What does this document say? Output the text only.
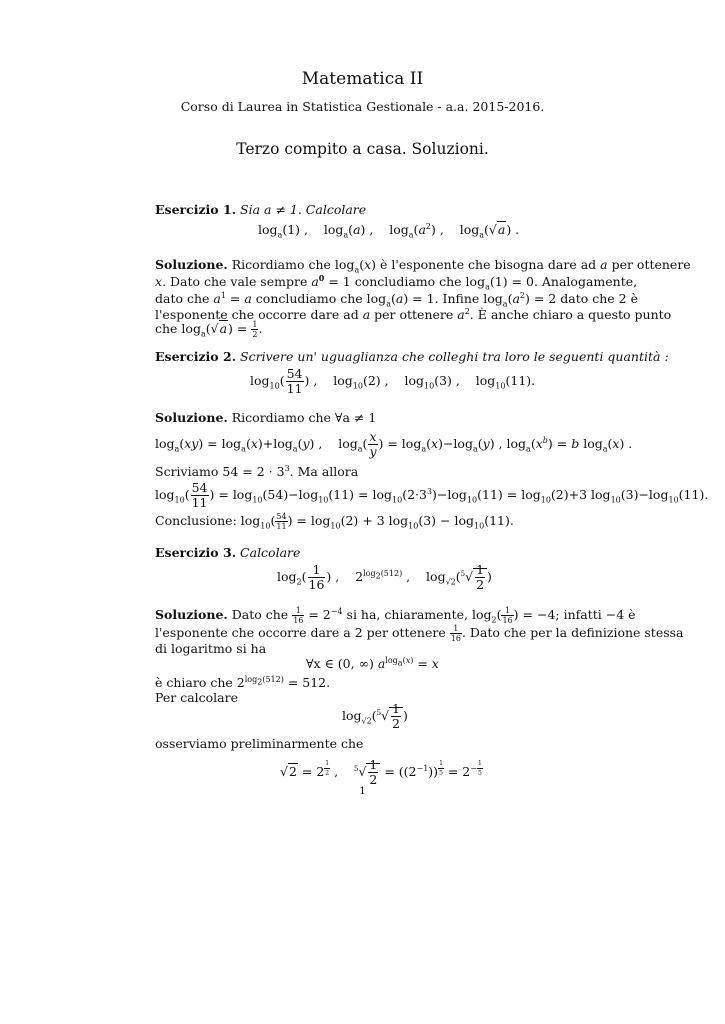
Matematica II
Corso di Laurea in Statistica Gestionale - a.a. 2015-2016.
Terzo compito a casa. Soluzioni.
Esercizio 1. Sia a ≠ 1. Calcolare
$\log_a(1)$ ,    $\log_a(a)$ ,    $\log_a(a^2)$ ,    $\log_a(√a)$ .
Soluzione. Ricordiamo che $\log_a(x)$ è l'esponente che bisogna dare ad a per ottenere
x. Dato che vale sempre $a^0 = 1$ concludiamo che $\log_a(1) = 0$. Analogamente,
dato che $a^1 = a$ concludiamo che $\log_a(a) = 1$. Infine $\log_a(a^2) = 2$ dato che 2 è
l'esponente che occorre dare ad a per ottenere $a^2$. È anche chiaro a questo punto
che $\log_a(√a) = \frac{1}{2}$ .
Esercizio 2. Scrivere un' uguaglianza che colleghi tra loro le seguenti quantità :
$\log_{10}( \frac{54}{11}$ ) ,    $\log_{10}(2)$ ,    $\log_{10}(3)$ ,    $\log_{10}(11)$.
Soluzione. Ricordiamo che ∀a ≠ 1
$\log_a(xy) = \log_a(x)+\log_a(y)$ ,    $\log_a( \frac{x}{y}$ ) = $\log_a(x)-\log_a(y)$ , $\log_a(x^b) = b$ $\log_a(x)$ .
Scriviamo $54 = 2 \cdot 3^3$. Ma allora
$\log_{10}( \frac{54}{11}$ ) = $\log_{10}(54)-\log_{10}(11) = \log_{10}(2\cdot 3^3)-\log_{10}(11) = \log_{10}(2)+3$ $\log_{10}(3)-\log_{10}(11)$.
Conclusione: $\log_{10}( \frac{54}{11}$ ) = $\log_{10}(2) + 3$ $\log_{10}(3) - \log_{10}(11)$.
Esercizio 3. Calcolare
$\log_2( \frac{1}{16}$ ) ,    $2^{log_2(512)}$ ,    $\log_{√2}(^5√ \frac{1}{2}$ )
Soluzione. Dato che $\frac{1}{16} = 2^{-4}$ si ha, chiaramente, $\log_2( \frac{1}{16}$ ) = −4; infatti −4 è
l'esponente che occorre dare a 2 per ottenere $\frac{1}{16}$ . Dato che per la definizione stessa
di logaritmo si ha
∀x ∈ (0, ∞) $a^{log_a(x)} = x$
è chiaro che $2^{log_2(512)} = 512$.
Per calcolare
$\log_{√2}(^5√ \frac{1}{2}$ )
osserviamo preliminarmente che
√2 = 2 $^{\frac{1}{2}}$ ,    $^5√ \frac{1}{2} = ((2^{-1})) ^{\frac{1}{5}} = 2^{- \frac{1}{5}}$
1
